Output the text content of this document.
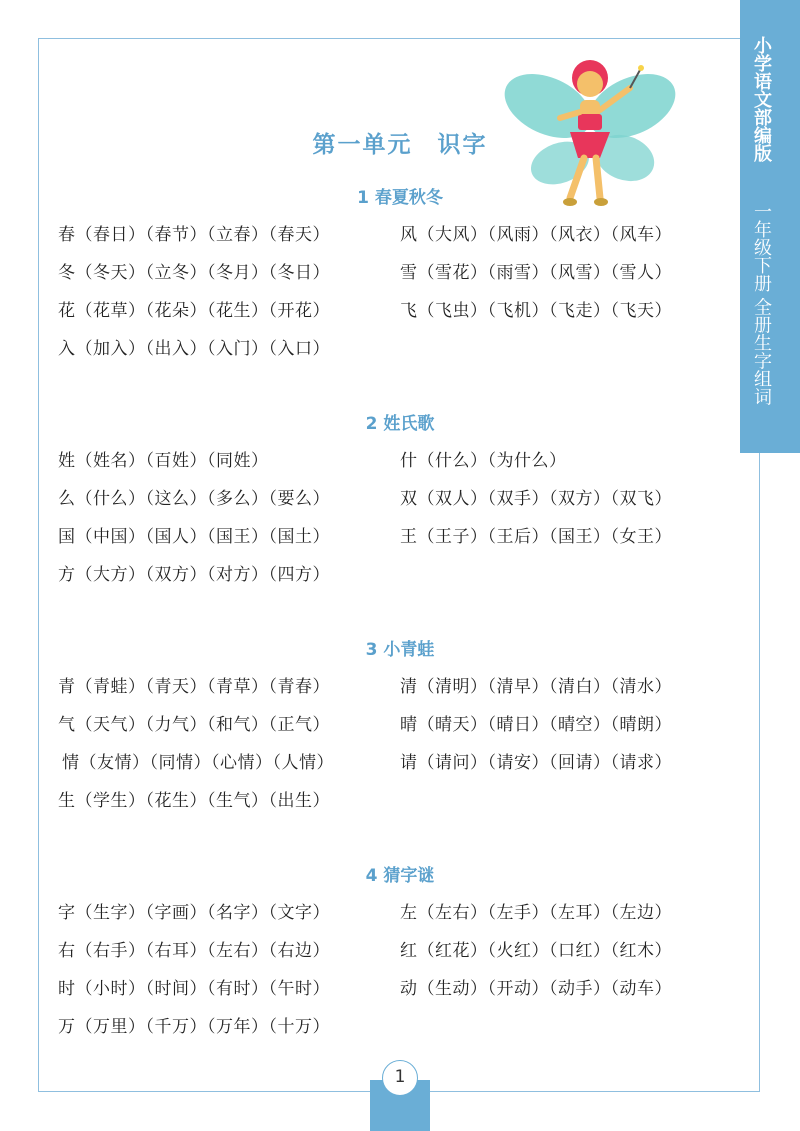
小学语文部编版
一年级下册 全册生字组词
第一单元　识字
1 春夏秋冬
春（春日）（春节）（立春）（春天）
冬（冬天）（立冬）（冬月）（冬日）
花（花草）（花朵）（花生）（开花）
入（加入）（出入）（入门）（入口）
风（大风）（风雨）（风衣）（风车）
雪（雪花）（雨雪）（风雪）（雪人）
飞（飞虫）（飞机）（飞走）（飞天）
2 姓氏歌
姓（姓名）（百姓）（同姓）
么（什么）（这么）（多么）（要么）
国（中国）（国人）（国王）（国土）
方（大方）（双方）（对方）（四方）
什（什么）（为什么）
双（双人）（双手）（双方）（双飞）
王（王子）（王后）（国王）（女王）
3 小青蛙
青（青蛙）（青天）（青草）（青春）
气（天气）（力气）（和气）（正气）
情（友情）（同情）（心情）（人情）
生（学生）（花生）（生气）（出生）
清（清明）（清早）（清白）（清水）
晴（晴天）（晴日）（晴空）（晴朗）
请（请问）（请安）（回请）（请求）
4 猜字谜
字（生字）（字画）（名字）（文字）
右（右手）（右耳）（左右）（右边）
时（小时）（时间）（有时）（午时）
万（万里）（千万）（万年）（十万）
左（左右）（左手）（左耳）（左边）
红（红花）（火红）（口红）（红木）
动（生动）（开动）（动手）（动车）
1
